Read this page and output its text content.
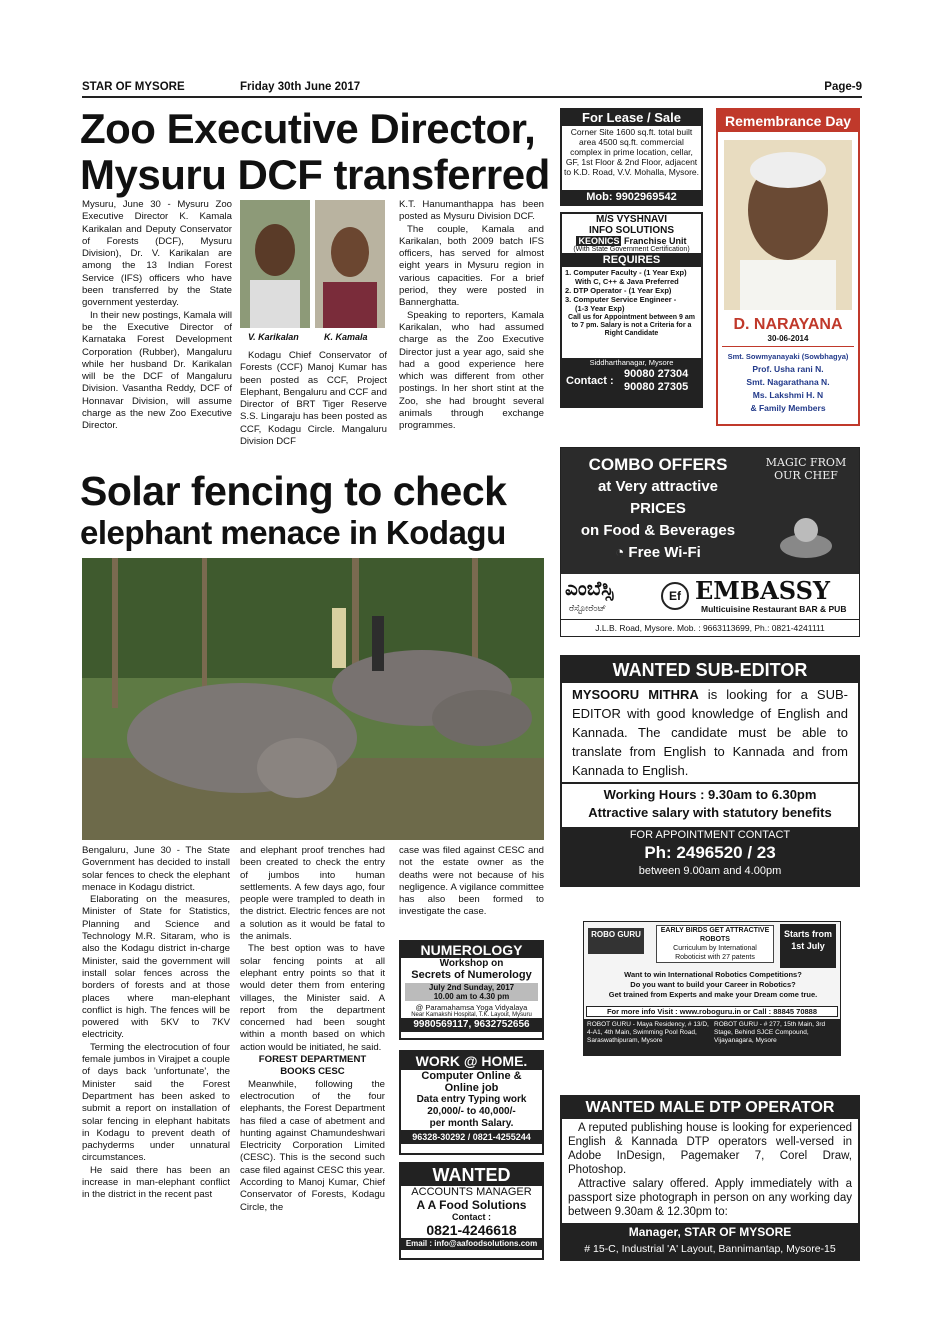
STAR OF MYSORE	Friday 30th June 2017	Page-9
Zoo Executive Director,
Mysuru DCF transferred

Mysuru, June 30 - Mysuru Zoo Executive Director K. Kamala Karikalan and Deputy Conservator of Forests (DCF), Mysuru Division), Dr. V. Karikalan are among the 13 Indian Forest Service (IFS) officers who have been transferred by the State government yesterday.

In their new postings, Kamala will be the Executive Director of Karnataka Forest Development Corporation (Rubber), Mangaluru while her husband Dr. Karikalan will be the DCF of Mangaluru Division. Vasantha Reddy, DCF of Honnavar Division, will assume charge as the new Zoo Executive Director.

V. Karikalan	K. Kamala

Kodagu Chief Conservator of Forests (CCF) Manoj Kumar has been posted as CCF, Project Elephant, Bengaluru and CCF and Director of BRT Tiger Reserve S.S. Lingaraju has been posted as CCF, Kodagu Circle. Mangaluru Division DCF

K.T. Hanumanthappa has been posted as Mysuru Division DCF.

The couple, Kamala and Karikalan, both 2009 batch IFS officers, has served for almost eight years in Mysuru region in various capacities. For a brief period, they were posted in Bannerghatta.

Speaking to reporters, Kamala Karikalan, who had assumed charge as the Zoo Executive Director just a year ago, said she had a good experience here which was different from other postings. In her short stint at the Zoo, she had brought several animals through exchange programmes.

Solar fencing to check
elephant menace in Kodagu

Bengaluru, June 30 - The State Government has decided to install solar fences to check the elephant menace in Kodagu district.

Elaborating on the measures, Minister of State for Statistics, Planning and Science and Technology M.R. Sitaram, who is also the Kodagu district in-charge Minister, said the government will install solar fences across the borders of forests and at those places where man-elephant conflict is high. The fences will be powered with 5KV to 7KV electricity.

Terming the electrocution of four female jumbos in Virajpet a couple of days back 'unfortunate', the Minister said the Forest Department has been asked to submit a report on installation of solar fencing in elephant habitats in Kodagu to prevent death of pachyderms under unnatural circumstances.

He said there has been an increase in man-elephant conflict in the district in the recent past

and elephant proof trenches had been created to check the entry of jumbos into human settlements. A few days ago, four people were trampled to death in the district. Electric fences are not a solution as it would be fatal to the animals.

The best option was to have solar fencing points at all elephant entry points so that it would deter them from entering villages, the Minister said. A report from the department concerned had been sought within a month based on which action would be initiated, he said.

FOREST DEPARTMENT BOOKS CESC

Meanwhile, following the electrocution of the four elephants, the Forest Department has filed a case of abetment and hunting against Chamundeshwari Electricity Corporation Limited (CESC). This is the second such case filed against CESC this year. According to Manoj Kumar, Chief Conservator of Forests, Kodagu Circle, the

case was filed against CESC and not the estate owner as the deaths were not because of his negligence. A vigilance committee has also been formed to investigate the case.

NUMEROLOGY
Workshop on
Secrets of Numerology
July 2nd Sunday, 2017
10.00 am to 4.30 pm
@ Paramahamsa Yoga Vidyalaya
Near Kamakshi Hospital, T.K. Layout, Mysuru
9980569117, 9632752656
WORK @ HOME.
Computer Online &
Online job
Data entry Typing work
20,000/- to 40,000/-
per month Salary.
96328-30292 / 0821-4255244
WANTED
ACCOUNTS MANAGER
A A Food Solutions
Contact :
0821-4246618
Email : info@aafoodsolutions.com
For Lease / Sale
Corner Site 1600 sq.ft. total built area 4500 sq.ft. commercial complex in prime location, cellar, GF, 1st Floor & 2nd Floor, adjacent to K.D. Road, V.V. Mohalla, Mysore.
Mob: 9902969542
M/S VYSHNAVI
INFO SOLUTIONS
KEONICS Franchise Unit
(With State Government Certification)
REQUIRES
1. Computer Faculty - (1 Year Exp)
With C, C++ & Java Preferred
2. DTP Operator - (1 Year Exp)
3. Computer Service Engineer -
(1-3 Year Exp)
Call us for Appointment between 9 am to 7 pm. Salary is not a Criteria for a Right Candidate
Siddharthanagar, Mysore
Contact :
90080 27304
90080 27305
Remembrance Day
D. NARAYANA
30-06-2014
Smt. Sowmyanayaki (Sowbhagya)
Prof. Usha rani N.
Smt. Nagarathana N.
Ms. Lakshmi H. N
& Family Members
COMBO OFFERS
at Very attractive
PRICES
on Food & Beverages
◔ Free Wi-Fi
MAGIC FROM OUR CHEF
ಎಂಬೆಸ್ಸಿ
ರೆಸ್ಟೋರೆಂಟ್
Ef EMBASSY
Multicuisine Restaurant BAR & PUB
J.L.B. Road, Mysore. Mob. : 9663113699, Ph.: 0821-4241111
WANTED SUB-EDITOR
MYSOORU MITHRA is looking for a SUB-EDITOR with good knowledge of English and Kannada. The candidate must be able to translate from English to Kannada and from Kannada to English.
Working Hours : 9.30am to 6.30pm
Attractive salary with statutory benefits
FOR APPOINTMENT CONTACT
Ph: 2496520 / 23
between 9.00am and 4.00pm
ROBO GURU	EARLY BIRDS GET ATTRACTIVE ROBOTS
Curriculum by International Roboticist with 27 patents
Starts from 1st July
Want to win International Robotics Competitions?
Do you want to build your Career in Robotics?
Get trained from Experts and make your Dream come true.
For more info Visit : www.roboguru.in or Call : 88845 70888
ROBOT GURU - Maya Residency, # 13/D, 4-A1, 4th Main, Swimming Pool Road, Saraswathipuram, Mysore
ROBOT GURU - # 277, 15th Main, 3rd Stage, Behind SJCE Compound, Vijayanagara, Mysore
WANTED MALE DTP OPERATOR

A reputed publishing house is looking for experienced English & Kannada DTP operators well-versed in Adobe InDesign, Pagemaker 7, Corel Draw, Photoshop.

Attractive salary offered. Apply immediately with a passport size photograph in person on any working day between 9.30am & 12.30pm to:

Manager, STAR OF MYSORE
# 15-C, Industrial 'A' Layout, Bannimantap, Mysore-15
